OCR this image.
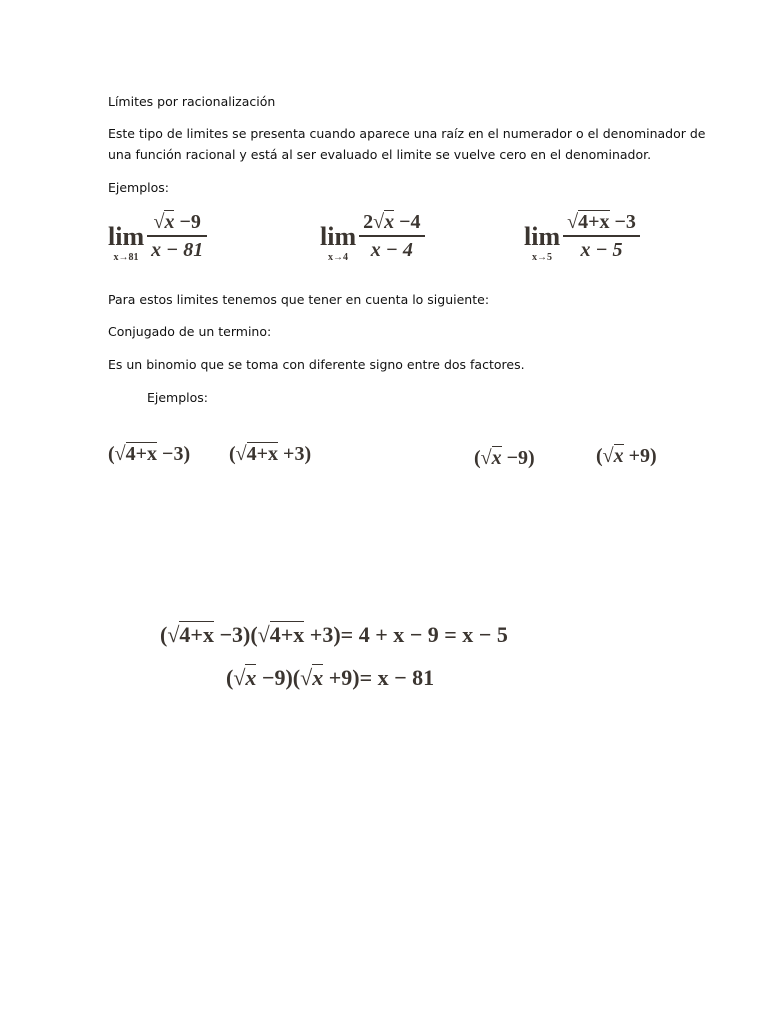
Límites por racionalización
Este tipo de limites se presenta cuando aparece una raíz en el numerador o el denominador de
una función racional y está al ser evaluado el limite se vuelve cero en el denominador.
Ejemplos:
lim
$x\to 81 \frac{√x -9}{x - 81}$	lim
$x\to 4 \frac{2√x -4}{x - 4}$	lim
$x\to 5 \frac{√4+x -3}{x - 5}$
Para estos limites tenemos que tener en cuenta lo siguiente:
Conjugado de un termino:
Es un binomio que se toma con diferente signo entre dos factores.
Ejemplos:
(√4+x −3) (√4+x +3)	(√x −9)	(√x +9)
(√4+x −3)(√4+x +3)= 4 + x − 9 = x − 5
(√x −9)(√x +9)= x − 81
